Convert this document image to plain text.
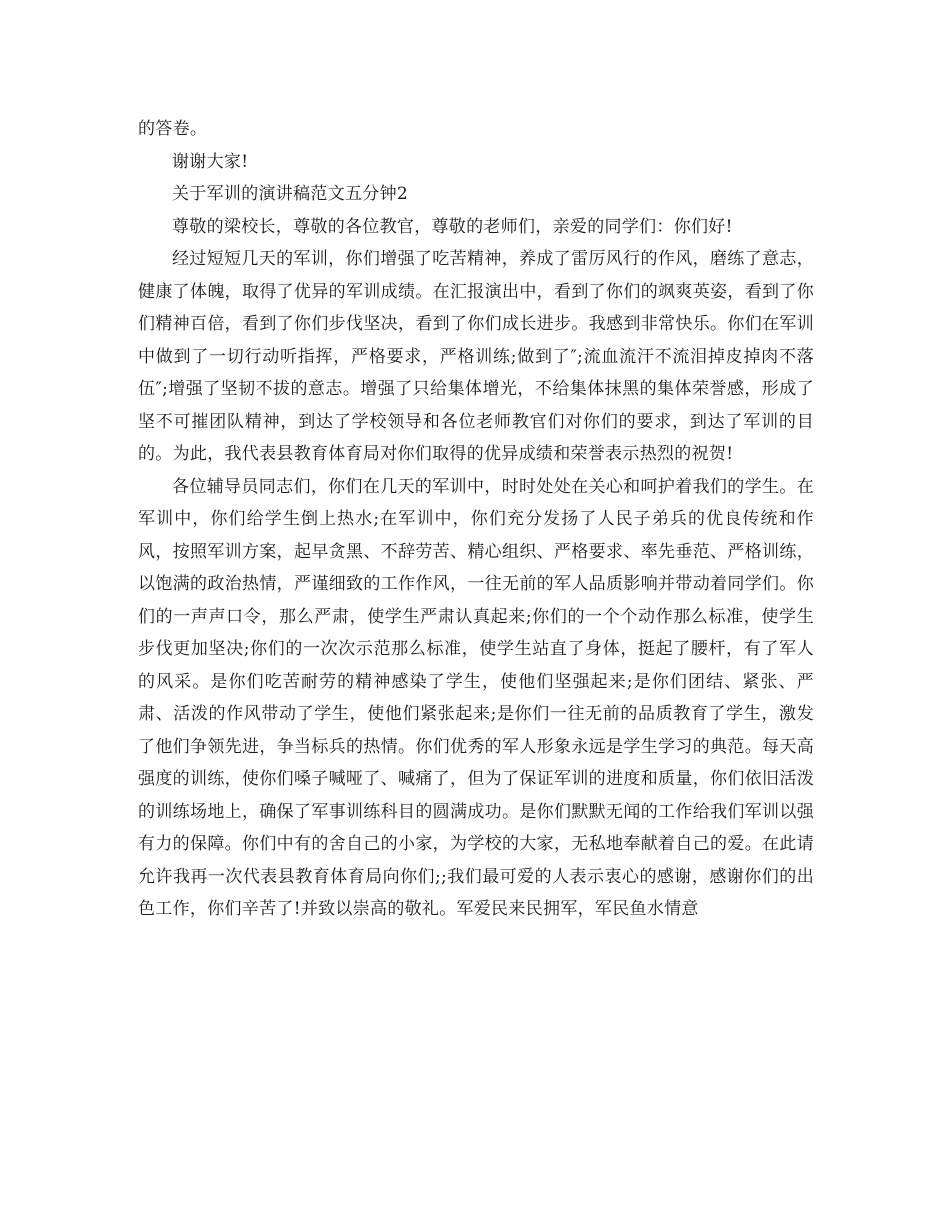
的答卷。

谢谢大家!

关于军训的演讲稿范文五分钟2

尊敬的梁校长，尊敬的各位教官，尊敬的老师们，亲爱的同学们：你们好!

经过短短几天的军训，你们增强了吃苦精神，养成了雷厉风行的作风，磨练了意志，健康了体魄，取得了优异的军训成绩。在汇报演出中，看到了你们的飒爽英姿，看到了你们精神百倍，看到了你们步伐坚决，看到了你们成长进步。我感到非常快乐。你们在军训中做到了一切行动听指挥，严格要求，严格训练;做到了″;流血流汗不流泪掉皮掉肉不落伍″;增强了坚韧不拔的意志。增强了只给集体增光，不给集体抹黑的集体荣誉感，形成了坚不可摧团队精神，到达了学校领导和各位老师教官们对你们的要求，到达了军训的目的。为此，我代表县教育体育局对你们取得的优异成绩和荣誉表示热烈的祝贺!

各位辅导员同志们，你们在几天的军训中，时时处处在关心和呵护着我们的学生。在军训中，你们给学生倒上热水;在军训中，你们充分发扬了人民子弟兵的优良传统和作风，按照军训方案，起早贪黑、不辞劳苦、精心组织、严格要求、率先垂范、严格训练，以饱满的政治热情，严谨细致的工作作风，一往无前的军人品质影响并带动着同学们。你们的一声声口令，那么严肃，使学生严肃认真起来;你们的一个个动作那么标准，使学生步伐更加坚决;你们的一次次示范那么标准，使学生站直了身体，挺起了腰杆，有了军人的风采。是你们吃苦耐劳的精神感染了学生，使他们坚强起来;是你们团结、紧张、严肃、活泼的作风带动了学生，使他们紧张起来;是你们一往无前的品质教育了学生，激发了他们争领先进，争当标兵的热情。你们优秀的军人形象永远是学生学习的典范。每天高强度的训练，使你们嗓子喊哑了、喊痛了，但为了保证军训的进度和质量，你们依旧活泼的训练场地上，确保了军事训练科目的圆满成功。是你们默默无闻的工作给我们军训以强有力的保障。你们中有的舍自己的小家，为学校的大家，无私地奉献着自己的爱。在此请允许我再一次代表县教育体育局向你们;;我们最可爱的人表示衷心的感谢，感谢你们的出色工作，你们辛苦了!并致以崇高的敬礼。军爱民来民拥军，军民鱼水情意
